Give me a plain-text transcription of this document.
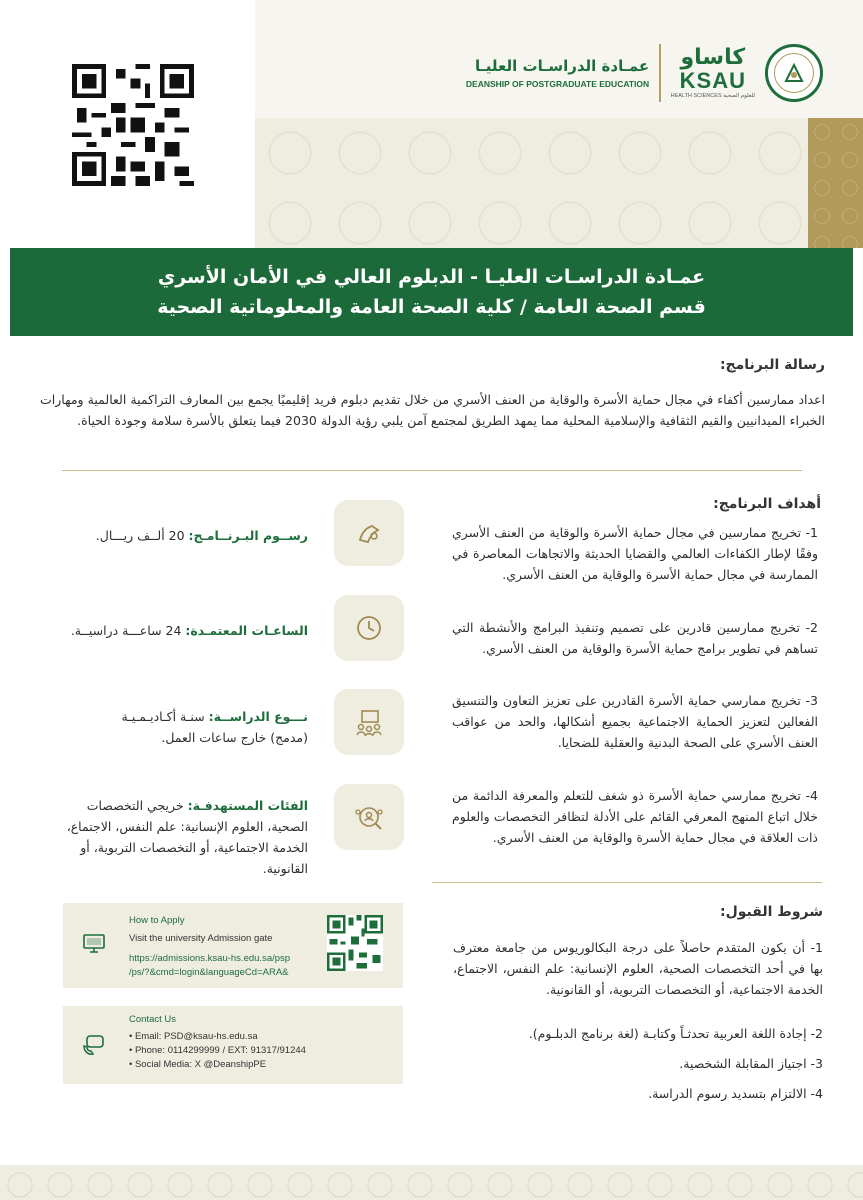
عمـادة الدراسـات العليـا
DEANSHIP OF POSTGRADUATE EDUCATION
كاساو
KSAU
HEALTH SCIENCES للعلوم الصحية
عمـادة الدراسـات العليـا - الدبلوم العالي في الأمان الأسري
قسم الصحة العامة / كلية الصحة العامة والمعلوماتية الصحية
رسالة البرنامج:
اعداد ممارسين أكفاء في مجال حماية الأسرة والوقاية من العنف الأسري من خلال تقديم دبلوم فريد إقليميًا يجمع بين المعارف التراكمية العالمية ومهارات الخبراء الميدانيين والقيم الثقافية والإسلامية المحلية مما يمهد الطريق لمجتمع آمن يلبي رؤية الدولة 2030 فيما يتعلق بالأسرة سلامة وجودة الحياة.
أهداف البرنامج:
1- تخريج ممارسين في مجال حماية الأسرة والوقاية من العنف الأسري وفقًا لإطار الكفاءات العالمي والقضايا الحديثة والاتجاهات المعاصرة في الممارسة في مجال حماية الأسرة والوقاية من العنف الأسري.
2- تخريج ممارسين قادرين على تصميم وتنفيذ البرامج والأنشطة التي تساهم في تطوير برامج حماية الأسرة والوقاية من العنف الأسري.
3- تخريج ممارسي حماية الأسرة القادرين على تعزيز التعاون والتنسيق الفعالين لتعزيز الحماية الاجتماعية بجميع أشكالها، والحد من عواقب العنف الأسري على الصحة البدنية والعقلية للضحايا.
4- تخريج ممارسي حماية الأسرة ذو شغف للتعلم والمعرفة الدائمة من خلال اتباع المنهج المعرفي القائم على الأدلة لتظافر التخصصات والعلوم ذات العلاقة في مجال حماية الأسرة والوقاية من العنف الأسري.
رســوم البـرنــامـج: 20 ألــف ريـــال.
الساعـات المعتمـدة: 24 ساعـــة دراسيــة.
نـــوع الدراســة: سنـة أكـاديـمـيـة
(مدمج) خارج ساعات العمل.
الفئات المستهدفـة: خريجي التخصصات الصحية، العلوم الإنسانية: علم النفس، الاجتماع، الخدمة الاجتماعية، أو التخصصات التربوية، أو القانونية.
شروط القبول:
1- أن يكون المتقدم حاصلاً على درجة البكالوريوس من جامعة معترف بها في أحد التخصصات الصحية، العلوم الإنسانية: علم النفس، الاجتماع، الخدمة الاجتماعية، أو التخصصات التربوية، أو القانونية.
2- إجادة اللغة العربية تحدثـاً وكتابـة (لغة برنامج الدبلـوم).
3- اجتياز المقابلة الشخصية.
4- الالتزام بتسديد رسوم الدراسة.
How to Apply
Visit the university Admission gate
https://admissions.ksau-hs.edu.sa/psp
/ps/?&cmd=login&languageCd=ARA&
Contact Us
• Email: PSD@ksau-hs.edu.sa
• Phone: 0114299999 / EXT: 91317/91244
• Social Media: X @DeanshipPE
